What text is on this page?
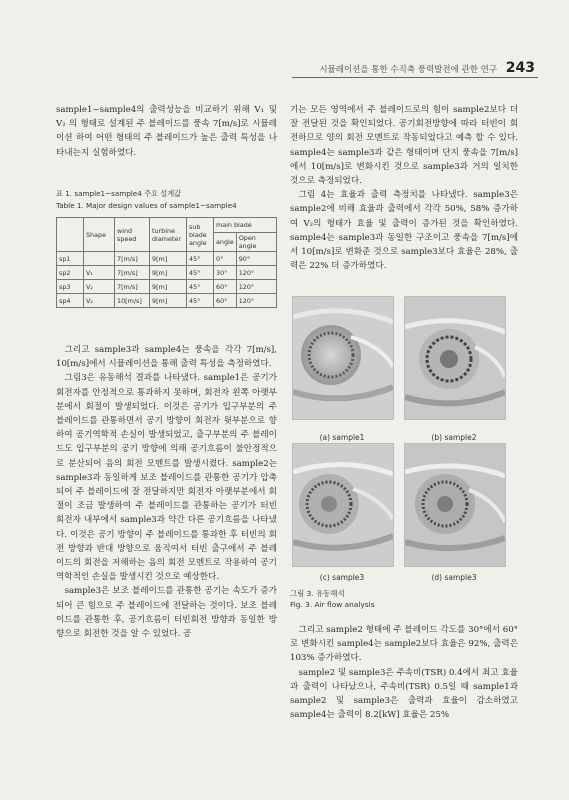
시뮬레이션을 통한 수직축 풍력발전에 관한 연구 243

sample1~sample4의 출력성능을 비교하기 위해 V₁ 및 V₂ 의 형태로 설계된 주 블레이드를 풍속 7[m/s]로 시뮬레이션 하여 어떤 형태의 주 블레이드가 높은 출력 특성을 나타내는지 실험하였다.

표 1. sample1~sample4 주요 설계값
Table 1. Major design values of sample1~sample4
	Shape	wind speed	turbine diameter	sub blade angle	main blade	
					angle	Open angle
sp1		7[m/s]	9[m]	45°	0°	90°
sp2	V₁	7[m/s]	9[m]	45°	30°	120°
sp3	V₂	7[m/s]	9[m]	45°	60°	120°
sp4	V₂	10[m/s]	9[m]	45°	60°	120°

그리고 sample3과 sample4는 풍속을 각각 7[m/s], 10[m/s]에서 시뮬레이션을 통해 출력 특성을 측정하였다.

그림3은 유동해석 결과를 나타냈다. sample1은 공기가 회전자를 안정적으로 통과하지 못하며, 회전자 왼쪽 아랫부분에서 회절이 발생되었다. 이것은 공기가 입구부분의 주 블레이드를 관통하면서 공기 방향이 회전자 윗부분으로 향하여 공기역학적 손실이 발생되었고, 출구부분의 주 블레이드도 입구부분의 공기 방향에 의해 공기흐름이 불안정적으로 분산되어 음의 회전 모멘트를 발생시켰다. sample2는 sample3과 동일하게 보조 블레이드를 관통한 공기가 압축되어 주 블레이드에 잘 전달하지만 회전자 아랫부분에서 회절이 조금 발생하여 주 블레이드를 관통하는 공기가 터빈 회전자 내부에서 sample3과 약간 다른 공기흐름을 나타냈다. 이것은 공기 방향이 주 블레이드를 통과한 후 터빈의 회전 방향과 반대 방향으로 움직여서 터빈 출구에서 주 블레이드의 회전을 저해하는 음의 회전 모멘트로 작용하여 공기역학적인 손실을 발생시킨 것으로 예상한다.

sample3은 보조 블레이드를 관통한 공기는 속도가 증가되어 큰 힘으로 주 블레이드에 전달하는 것이다. 보조 블레이드를 관통한 후, 공기흐름이 터빈회전 방향과 동일한 방향으로 회전한 것을 알 수 있었다. 공

기는 모든 영역에서 주 블레이드로의 힘이 sample2보다 더 잘 전달된 것을 확인되었다. 공기회전방향에 따라 터빈이 회전하므로 양의 회전 모멘트로 작동되었다고 예측 할 수 있다. sample4는 sample3과 같은 형태이며 단지 풍속을 7[m/s]에서 10[m/s]로 변화시킨 것으로 sample3과 거의 일치한 것으로 측정되었다.

그림 4는 효율과 출력 측정치를 나타냈다. sample3은 sample2에 비해 효율과 출력에서 각각 50%, 58% 증가하여 V₂의 형태가 효율 및 출력이 증가된 것을 확인하였다. sample4는 sample3과 동일한 구조이고 풍속을 7[m/s]에서 10[m/s]로 변화준 것으로 sample3보다 효율은 28%, 출력은 22% 더 증가하였다.

(a) sample1	(b) sample2
(c) sample3	(d) sample3
그림 3. 유동해석
Fig. 3. Air flow analysis

그리고 sample2 형태에 주 블레이드 각도를 30°에서 60°로 변화시킨 sample4는 sample2보다 효율은 92%, 출력은 103% 증가하였다.

sample2 및 sample3은 주속비(TSR) 0.4에서 최고 효율과 출력이 나타났으나, 주속비(TSR) 0.5일 때 sample1과 sample2 및 sample3은 출력과 효율이 감소하였고 sample4는 출력이 8.2[kW] 효율은 25%
